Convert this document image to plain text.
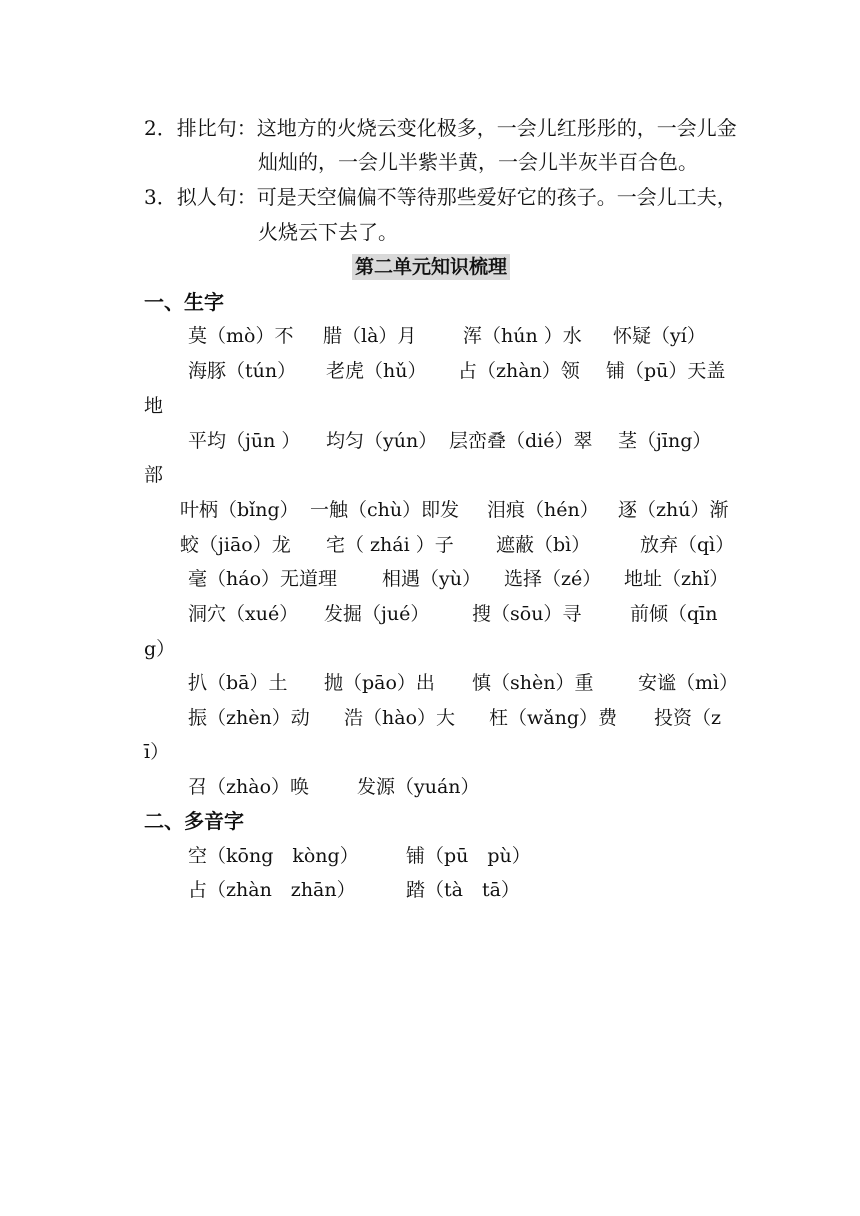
2．排比句：这地方的火烧云变化极多，一会儿红彤彤的，一会儿金
灿灿的，一会儿半紫半黄，一会儿半灰半百合色。
3．拟人句：可是天空偏偏不等待那些爱好它的孩子。一会儿工夫，
火烧云下去了。
第二单元知识梳理
一、生字
莫（mò）不 腊（là）月 浑（hún ）水 怀疑（yí）
海豚（tún） 老虎（hǔ） 占（zhàn）领 铺（pū）天盖
地
平均（jūn ） 均匀（yún） 层峦叠（dié）翠 茎（jīng）
部
叶柄（bǐng） 一触（chù）即发 泪痕（hén） 逐（zhú）渐
蛟（jiāo）龙 宅（ zhái ）子 遮蔽（bì）	放弃（qì）
毫（háo）无道理 相遇（yù） 选择（zé） 地址（zhǐ）
洞穴（xué） 发掘（jué） 搜（sōu）寻	前倾（qīn
g）
扒（bā）土 抛（pāo）出 慎（shèn）重 安谧（mì）
振（zhèn）动 浩（hào）大 枉（wǎng）费 投资（z
ī）
召（zhào）唤	发源（yuán）
二、多音字
空（kōng　kòng） 铺（pū　pù）
占（zhàn　zhān）	踏（tà　tā）
